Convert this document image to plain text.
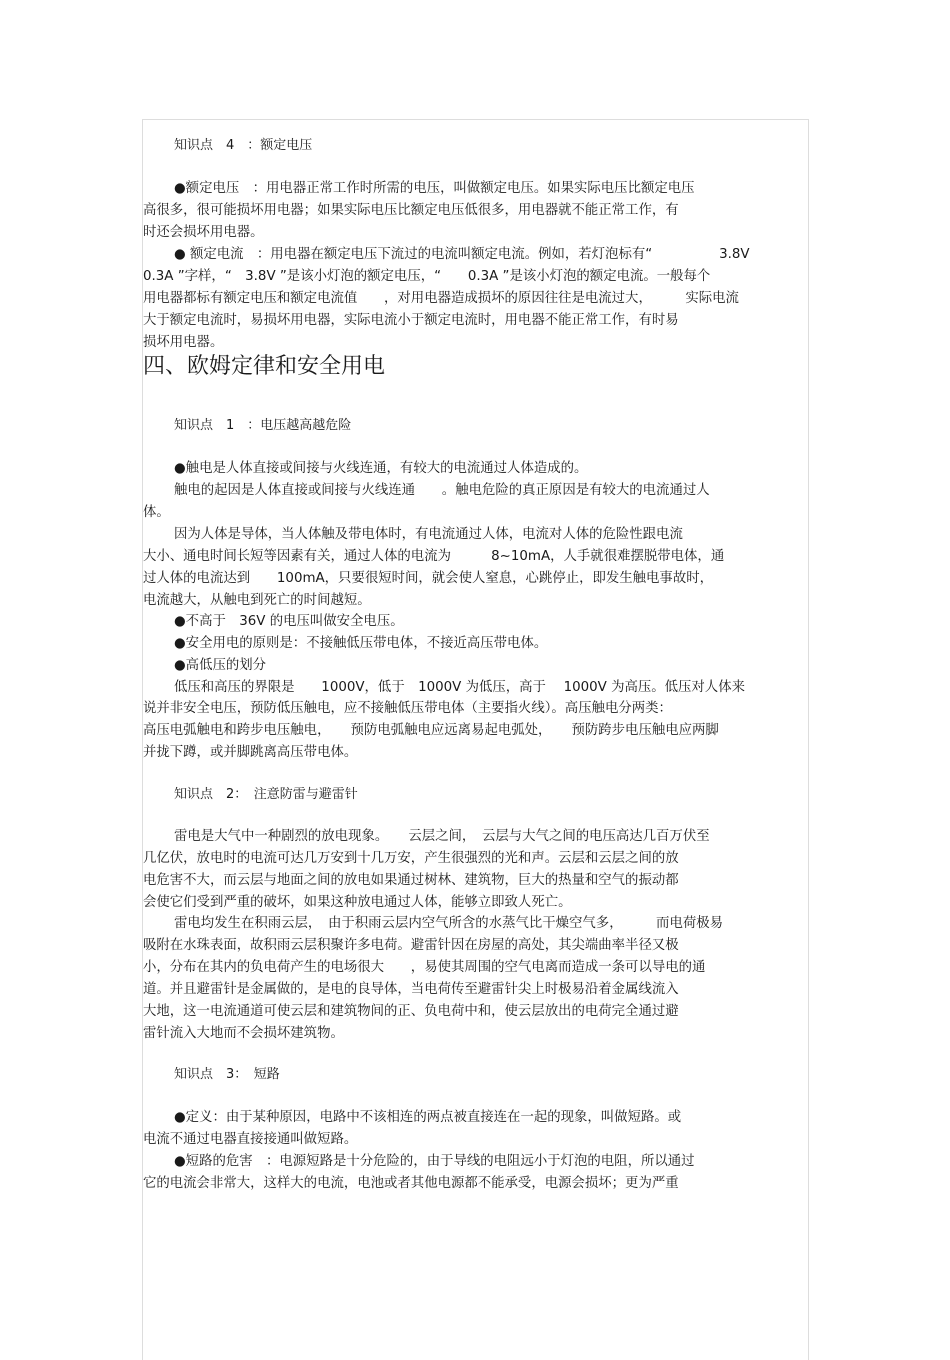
知识点　4　：额定电压
●额定电压　：用电器正常工作时所需的电压，叫做额定电压。如果实际电压比额定电压
高很多，很可能损坏用电器；如果实际电压比额定电压低很多，用电器就不能正常工作，有
时还会损坏用电器。
● 额定电流　：用电器在额定电压下流过的电流叫额定电流。例如，若灯泡标有“　　　　　3.8V
0.3A ”字样，“　3.8V ”是该小灯泡的额定电压，“　　0.3A ”是该小灯泡的额定电流。一般每个
用电器都标有额定电压和额定电流值　　，对用电器造成损坏的原因往往是电流过大，　　　实际电流
大于额定电流时，易损坏用电器，实际电流小于额定电流时，用电器不能正常工作，有时易
损坏用电器。
四、欧姆定律和安全用电
知识点　1　：电压越高越危险
●触电是人体直接或间接与火线连通，有较大的电流通过人体造成的。
触电的起因是人体直接或间接与火线连通　　。触电危险的真正原因是有较大的电流通过人
体。
因为人体是导体，当人体触及带电体时，有电流通过人体，电流对人体的危险性跟电流
大小、通电时间长短等因素有关，通过人体的电流为　　　8~10mA，人手就很难摆脱带电体，通
过人体的电流达到　　100mA，只要很短时间，就会使人窒息，心跳停止，即发生触电事故时，
电流越大，从触电到死亡的时间越短。
●不高于　36V 的电压叫做安全电压。
●安全用电的原则是：不接触低压带电体，不接近高压带电体。
●高低压的划分
低压和高压的界限是　　1000V，低于　1000V 为低压，高于　 1000V 为高压。低压对人体来
说并非安全电压，预防低压触电，应不接触低压带电体（主要指火线）。高压触电分两类：
高压电弧触电和跨步电压触电，　　预防电弧触电应远离易起电弧处，　　预防跨步电压触电应两脚
并拢下蹲，或并脚跳离高压带电体。
知识点　2：　注意防雷与避雷针
雷电是大气中一种剧烈的放电现象。　　云层之间，　云层与大气之间的电压高达几百万伏至
几亿伏，放电时的电流可达几万安到十几万安，产生很强烈的光和声。云层和云层之间的放
电危害不大，而云层与地面之间的放电如果通过树林、建筑物，巨大的热量和空气的振动都
会使它们受到严重的破坏，如果这种放电通过人体，能够立即致人死亡。
雷电均发生在积雨云层，　由于积雨云层内空气所含的水蒸气比干燥空气多，　　　而电荷极易
吸附在水珠表面，故积雨云层积聚许多电荷。避雷针因在房屋的高处，其尖端曲率半径又极
小，分布在其内的负电荷产生的电场很大　　，易使其周围的空气电离而造成一条可以导电的通
道。并且避雷针是金属做的，是电的良导体，当电荷传至避雷针尖上时极易沿着金属线流入
大地，这一电流通道可使云层和建筑物间的正、负电荷中和，使云层放出的电荷完全通过避
雷针流入大地而不会损坏建筑物。
知识点　3：　短路
●定义：由于某种原因，电路中不该相连的两点被直接连在一起的现象，叫做短路。或
电流不通过电器直接接通叫做短路。
●短路的危害　：电源短路是十分危险的，由于导线的电阻远小于灯泡的电阻，所以通过
它的电流会非常大，这样大的电流，电池或者其他电源都不能承受，电源会损坏；更为严重
